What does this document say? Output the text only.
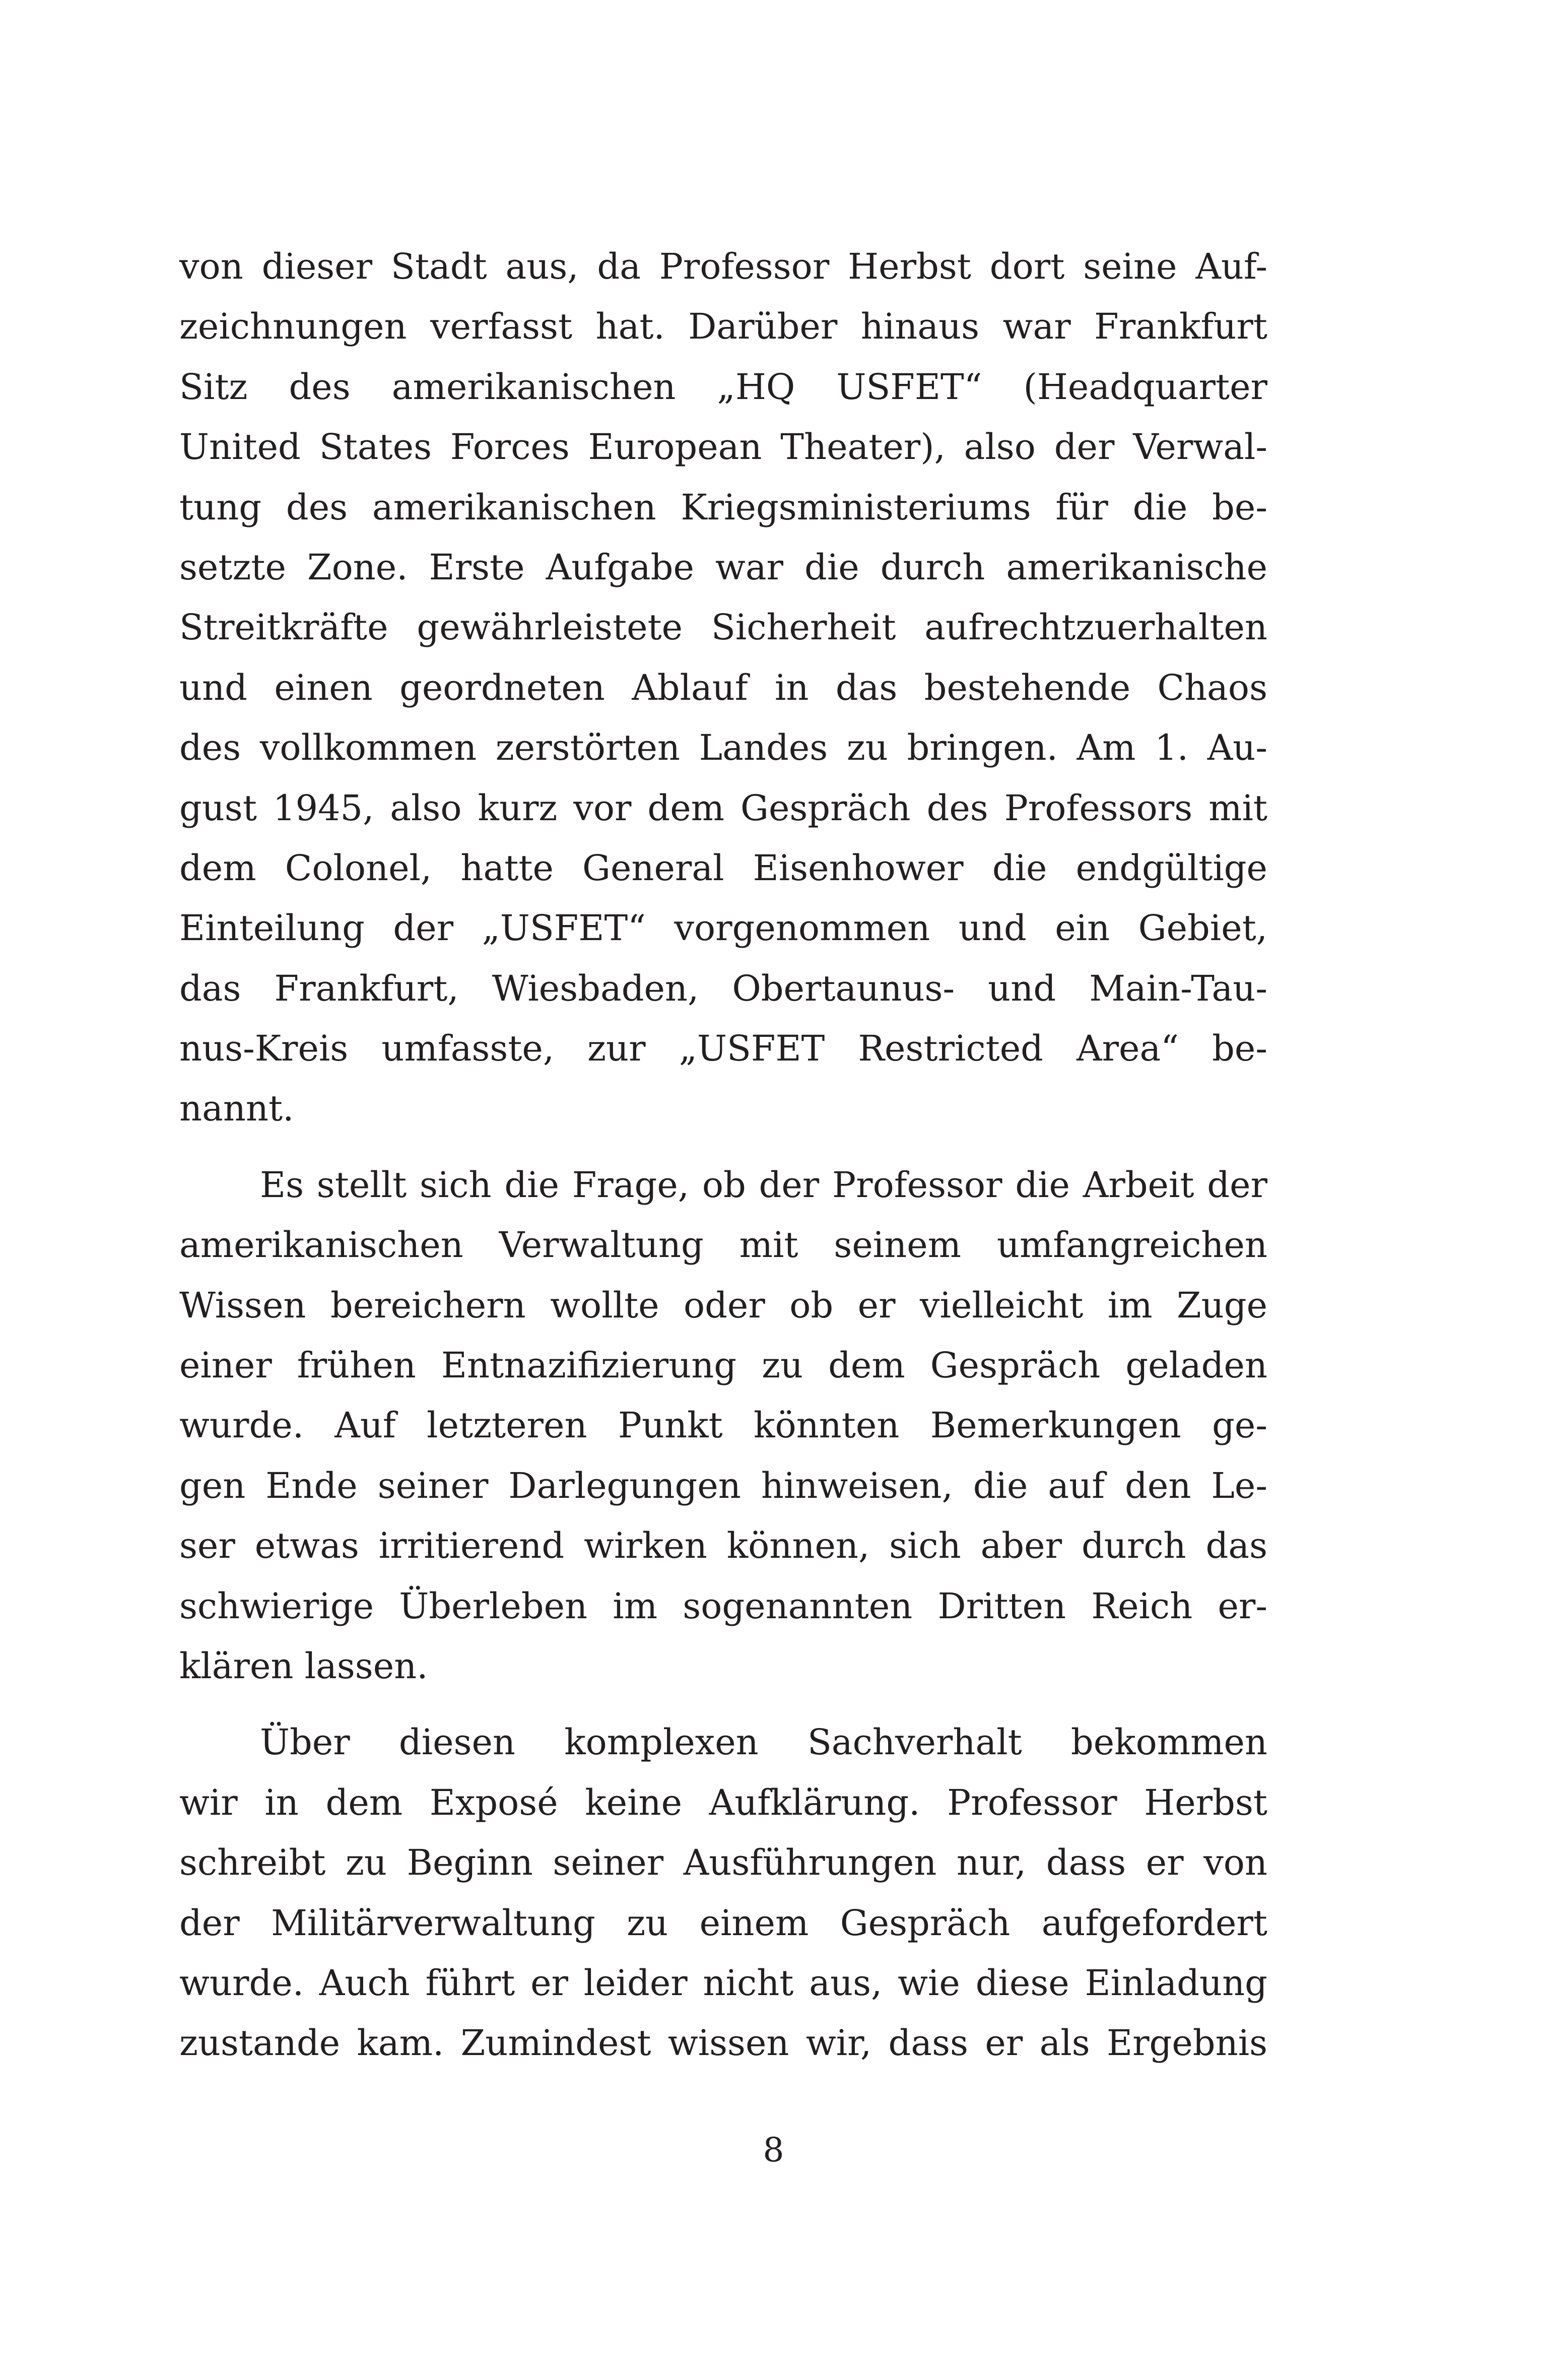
von dieser Stadt aus, da Professor Herbst dort seine Auf-
zeichnungen verfasst hat. Darüber hinaus war Frankfurt
Sitz des amerikanischen „HQ USFET“ (Headquarter
United States Forces European Theater), also der Verwal-
tung des amerikanischen Kriegsministeriums für die be-
setzte Zone. Erste Aufgabe war die durch amerikanische
Streitkräfte gewährleistete Sicherheit aufrechtzuerhalten
und einen geordneten Ablauf in das bestehende Chaos
des vollkommen zerstörten Landes zu bringen. Am 1. Au-
gust 1945, also kurz vor dem Gespräch des Professors mit
dem Colonel, hatte General Eisenhower die endgültige
Einteilung der „USFET“ vorgenommen und ein Gebiet,
das Frankfurt, Wiesbaden, Obertaunus- und Main-Tau-
nus-Kreis umfasste, zur „USFET Restricted Area“ be-
nannt.
Es stellt sich die Frage, ob der Professor die Arbeit der
amerikanischen Verwaltung mit seinem umfangreichen
Wissen bereichern wollte oder ob er vielleicht im Zuge
einer frühen Entnazifizierung zu dem Gespräch geladen
wurde. Auf letzteren Punkt könnten Bemerkungen ge-
gen Ende seiner Darlegungen hinweisen, die auf den Le-
ser etwas irritierend wirken können, sich aber durch das
schwierige Überleben im sogenannten Dritten Reich er-
klären lassen.
Über diesen komplexen Sachverhalt bekommen
wir in dem Exposé keine Aufklärung. Professor Herbst
schreibt zu Beginn seiner Ausführungen nur, dass er von
der Militärverwaltung zu einem Gespräch aufgefordert
wurde. Auch führt er leider nicht aus, wie diese Einladung
zustande kam. Zumindest wissen wir, dass er als Ergebnis
8
